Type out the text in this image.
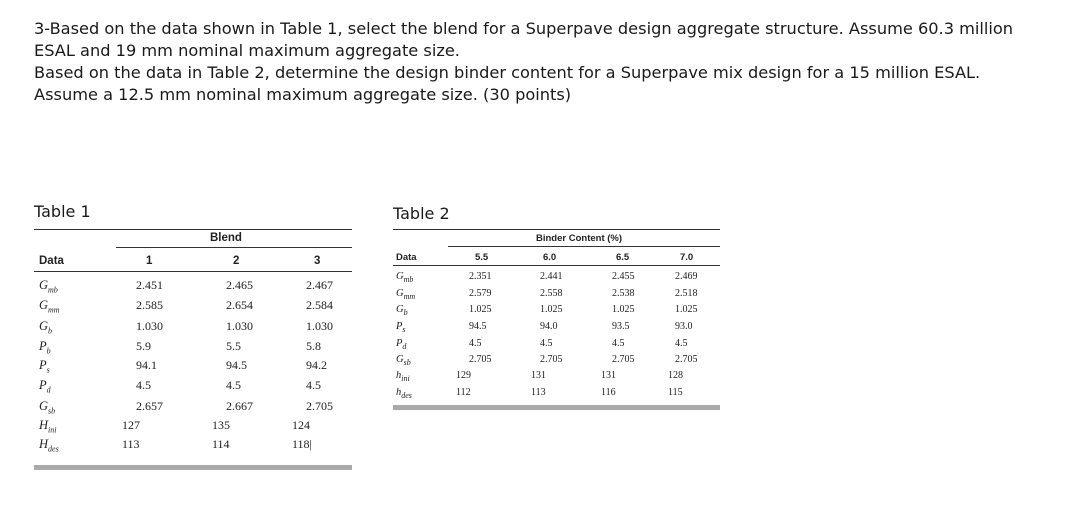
3-Based on the data shown in Table 1, select the blend for a Superpave design aggregate structure. Assume 60.3 million

ESAL and 19 mm nominal maximum aggregate size.

Based on the data in Table 2, determine the design binder content for a Superpave mix design for a 15 million ESAL.

Assume a 12.5 mm nominal maximum aggregate size. (30 points)

Table 1	Table 2
Blend
Data	1	2	3
$G_{mb}$	2.451	2.465	2.467
$G_{mm}$	2.585	2.654	2.584
$G_b$	1.030	1.030	1.030
$P_b$	5.9	5.5	5.8
$P_s$	94.1	94.5	94.2
$P_d$	4.5	4.5	4.5
$G_{sb}$	2.657	2.667	2.705
$H_{ini}$	127	135	124
$H_{des}$	113	114	118|
Binder Content (%)
Data	5.5	6.0	6.5	7.0
$G_{mb}$	2.351	2.441	2.455	2.469
$G_{mm}$	2.579	2.558	2.538	2.518
$G_b$	1.025	1.025	1.025	1.025
$P_s$	94.5	94.0	93.5	93.0
$P_d$	4.5	4.5	4.5	4.5
$G_{sb}$	2.705	2.705	2.705	2.705
$h_{ini}$	129	131	131	128
$h_{des}$	112	113	116	115
